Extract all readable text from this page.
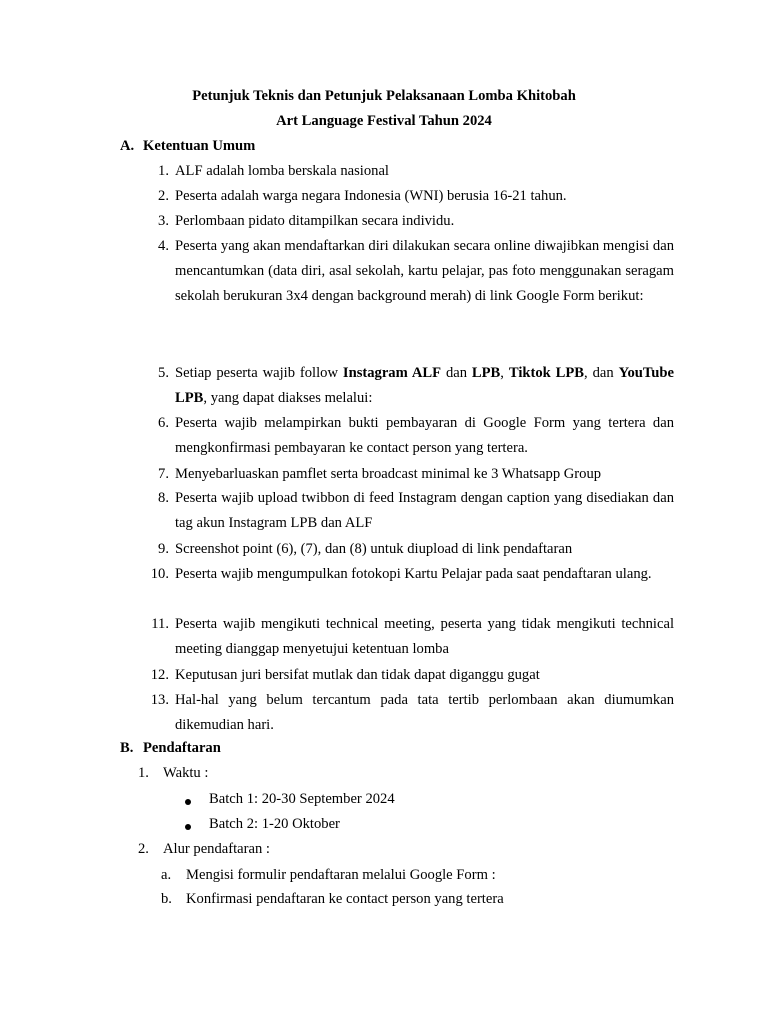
Petunjuk Teknis dan Petunjuk Pelaksanaan Lomba Khitobah
Art Language Festival Tahun 2024
A. Ketentuan Umum
1. ALF adalah lomba berskala nasional
2. Peserta adalah warga negara Indonesia (WNI) berusia 16-21 tahun.
3. Perlombaan pidato ditampilkan secara individu.
4. Peserta yang akan mendaftarkan diri dilakukan secara online diwajibkan mengisi dan mencantumkan (data diri, asal sekolah, kartu pelajar, pas foto menggunakan seragam sekolah berukuran 3x4 dengan background merah) di link Google Form berikut:
5. Setiap peserta wajib follow Instagram ALF dan LPB, Tiktok LPB, dan YouTube LPB, yang dapat diakses melalui:
6. Peserta wajib melampirkan bukti pembayaran di Google Form yang tertera dan mengkonfirmasi pembayaran ke contact person yang tertera.
7. Menyebarluaskan pamflet serta broadcast minimal ke 3 Whatsapp Group
8. Peserta wajib upload twibbon di feed Instagram dengan caption yang disediakan dan tag akun Instagram LPB dan ALF
9. Screenshot point (6), (7), dan (8) untuk diupload di link pendaftaran
10. Peserta wajib mengumpulkan fotokopi Kartu Pelajar pada saat pendaftaran ulang.
11. Peserta wajib mengikuti technical meeting, peserta yang tidak mengikuti technical meeting dianggap menyetujui ketentuan lomba
12. Keputusan juri bersifat mutlak dan tidak dapat diganggu gugat
13. Hal-hal yang belum tercantum pada tata tertib perlombaan akan diumumkan dikemudian hari.
B. Pendaftaran
1. Waktu :
Batch 1: 20-30 September 2024
Batch 2: 1-20 Oktober
2. Alur pendaftaran :
a. Mengisi formulir pendaftaran melalui Google Form :
b. Konfirmasi pendaftaran ke contact person yang tertera
